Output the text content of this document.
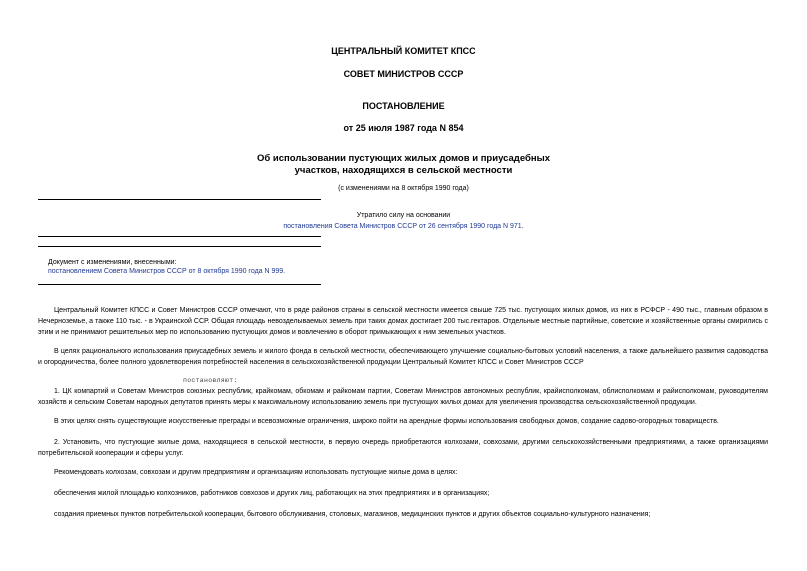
ЦЕНТРАЛЬНЫЙ КОМИТЕТ КПСС
СОВЕТ МИНИСТРОВ СССР
ПОСТАНОВЛЕНИЕ
от 25 июля 1987 года N 854
Об использовании пустующих жилых домов и приусадебных
участков, находящихся в сельской местности
(с изменениями на 8 октября 1990 года)
Утратило силу на основании
постановления Совета Министров СССР от 26 сентября 1990 года N 971.
Документ с изменениями, внесенными:
постановлением Совета Министров СССР от 8 октября 1990 года N 999.

Центральный Комитет КПСС и Совет Министров СССР отмечают, что в ряде районов страны в сельской местности имеется свыше 725 тыс. пустующих жилых домов, из них в РСФСР - 490 тыс., главным образом в Нечерноземье, а также 110 тыс. - в Украинской ССР. Общая площадь невозделываемых земель при таких домах достигает 200 тыс.гектаров. Отдельные местные партийные, советские и хозяйственные органы смирились с этим и не принимают решительных мер по использованию пустующих домов и вовлечению в оборот примыкающих к ним земельных участков.

В целях рационального использования приусадебных земель и жилого фонда в сельской местности, обеспечивающего улучшение социально-бытовых условий населения, а также дальнейшего развития садоводства и огородничества, более полного удовлетворения потребностей населения в сельскохозяйственной продукции Центральный Комитет КПСС и Совет Министров СССР

постановляют:

1. ЦК компартий и Советам Министров союзных республик, крайкомам, обкомам и райкомам партии, Советам Министров автономных республик, крайисполкомам, облисполкомам и райисполкомам, руководителям хозяйств и сельским Советам народных депутатов принять меры к максимальному использованию земель при пустующих жилых домах для увеличения производства сельскохозяйственной продукции.

В этих целях снять существующие искусственные преграды и всевозможные ограничения, широко пойти на арендные формы использования свободных домов, создание садово-огородных товариществ.

2. Установить, что пустующие жилые дома, находящиеся в сельской местности, в первую очередь приобретаются колхозами, совхозами, другими сельскохозяйственными предприятиями, а также организациями потребительской кооперации и сферы услуг.

Рекомендовать колхозам, совхозам и другим предприятиям и организациям использовать пустующие жилые дома в целях:

обеспечения жилой площадью колхозников, работников совхозов и других лиц, работающих на этих предприятиях и в организациях;

создания приемных пунктов потребительской кооперации, бытового обслуживания, столовых, магазинов, медицинских пунктов и других объектов социально-культурного назначения;
